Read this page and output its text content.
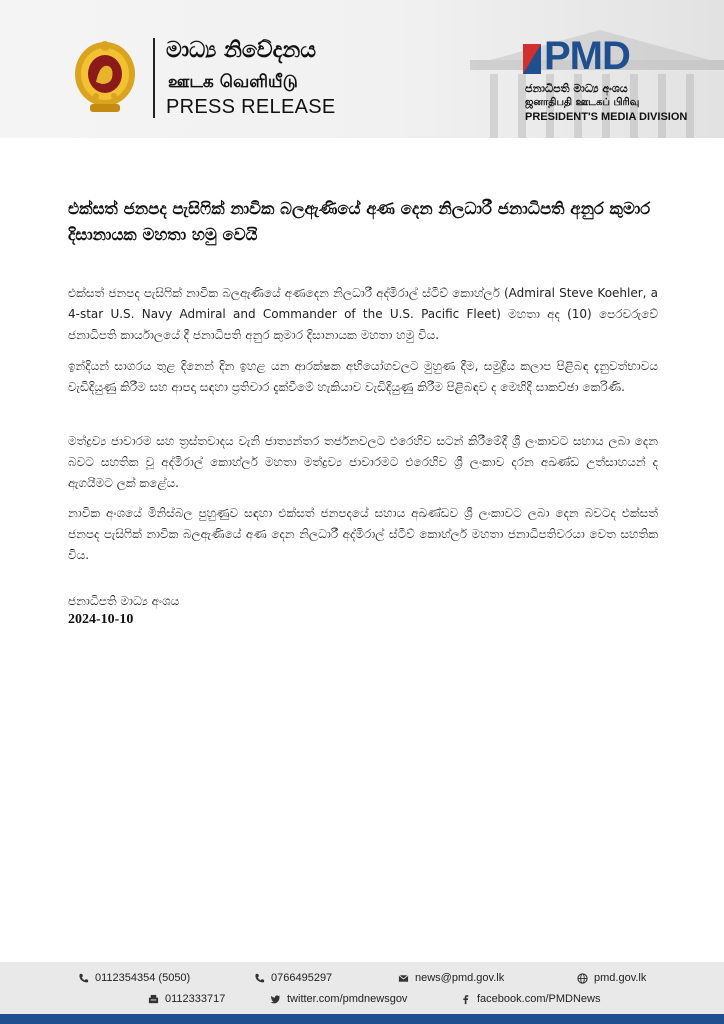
මාධ්‍ය නිවේදනය
ஊடக வெளியீடு
PRESS RELEASE
PMD
ජනාධිපති මාධ්‍ය අංශය
ஜனாதிபதி ஊடகப் பிரிவு
PRESIDENT'S MEDIA DIVISION
එක්සත් ජනපද පැසිෆික් නාවික බලඇණියේ අණ දෙන නිලධාරී ජනාධිපති අනුර කුමාර දිසානායක මහතා හමු වෙයි
එක්සත් ජනපද පැසිෆික් නාවික බලඇණියේ අණදෙන නිලධාරී අද්මිරාල් ස්ටීව් කොහ්ලර් (Admiral Steve Koehler, a 4-star U.S. Navy Admiral and Commander of the U.S. Pacific Fleet) මහතා අද (10) පෙරවරුවේ ජනාධිපති කාර්යාලයේ දී ජනාධිපති අනුර කුමාර දිසානායක මහතා හමු විය.
ඉන්දියන් සාගරය තුළ දිනෙන් දින ඉහළ යන ආරක්ෂක අභියෝගවලට මුහුණ දීම, සමුද්‍රීය කලාප පිළිබඳ දැනුවත්භාවය වැඩිදියුණු කිරීම සහ ආපදා සඳහා ප්‍රතිචාර දැක්වීමේ හැකියාව වැඩිදියුණු කිරීම පිළිබඳව ද මෙහිදී සාකච්ඡා කෙරිණි.
මත්ද්‍රව්‍ය ජාවාරම සහ ත්‍රස්තවාදය වැනි ජාත්‍යන්තර තර්ජනවලට එරෙහිව සටන් කිරීමේදී ශ්‍රී ලංකාවට සහාය ලබා දෙන බවට සහතික වූ අද්මිරාල් කොහ්ලර් මහතා මත්ද්‍රව්‍ය ජාවාරමට එරෙහිව ශ්‍රී ලංකාව දරන අඛණ්ඩ උත්සාහයන් ද ඇගයීමට ලක් කළේය.
නාවික අංශයේ මිනිස්බල පුහුණුව සඳහා එක්සත් ජනපදයේ සහාය අඛණ්ඩව ශ්‍රී ලංකාවට ලබා දෙන බවටද එක්සත් ජනපද පැසිෆික් නාවික බලඇණියේ අණ දෙන නිලධාරී අද්මිරාල් ස්ටීව් කොහ්ලර් මහතා ජනාධිපතිවරයා වෙත සහතික විය.
ජනාධිපති මාධ්‍ය අංශය
2024-10-10
0112354354 (5050)	0766495297	news@pmd.gov.lk	pmd.gov.lk
0112333717	twitter.com/pmdnewsgov	facebook.com/PMDNews
